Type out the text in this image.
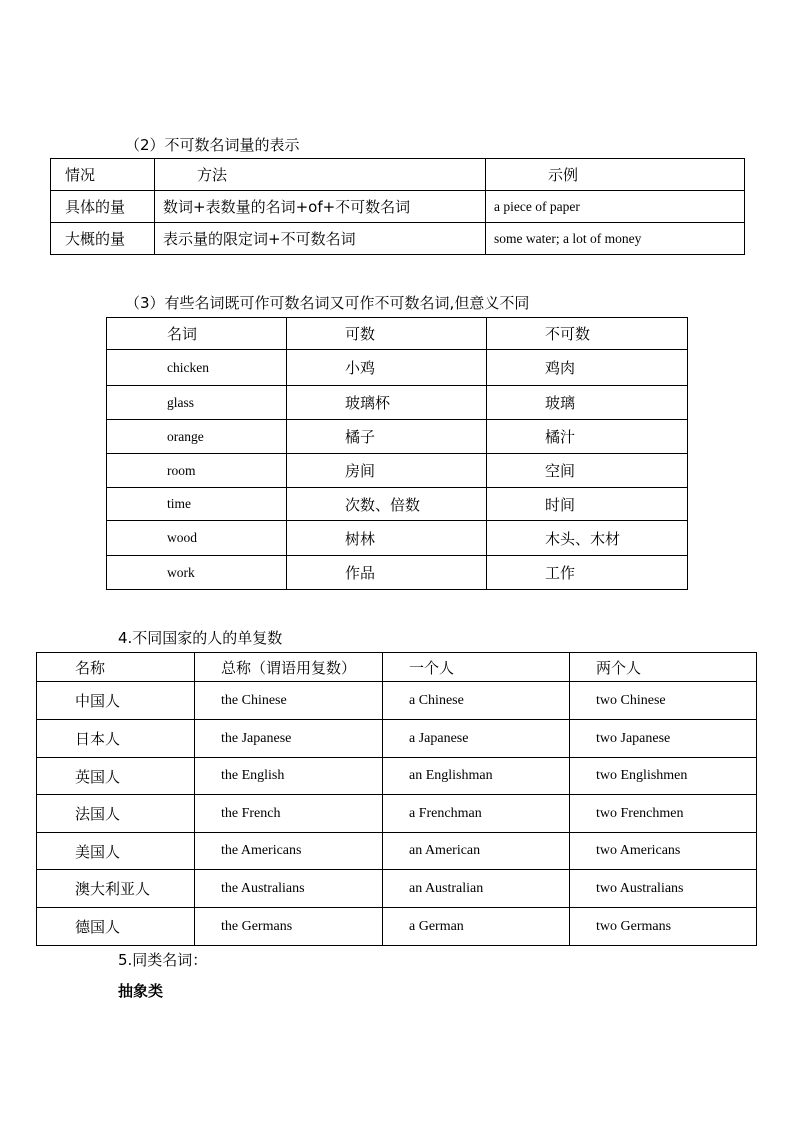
（2）不可数名词量的表示
情况	方法	示例
具体的量	数词+表数量的名词+of+不可数名词	a piece of paper
大概的量	表示量的限定词+不可数名词	some water; a lot of money
（3）有些名词既可作可数名词又可作不可数名词,但意义不同
名词	可数	不可数
chicken	小鸡	鸡肉
glass	玻璃杯	玻璃
orange	橘子	橘汁
room	房间	空间
time	次数、倍数	时间
wood	树林	木头、木材
work	作品	工作
4.不同国家的人的单复数
名称	总称（谓语用复数）	一个人	两个人
中国人	the Chinese	a Chinese	two Chinese
日本人	the Japanese	a Japanese	two Japanese
英国人	the English	an Englishman	two Englishmen
法国人	the French	a Frenchman	two Frenchmen
美国人	the Americans	an American	two Americans
澳大利亚人	the Australians	an Australian	two Australians
德国人	the Germans	a German	two Germans
5.同类名词：
抽象类
